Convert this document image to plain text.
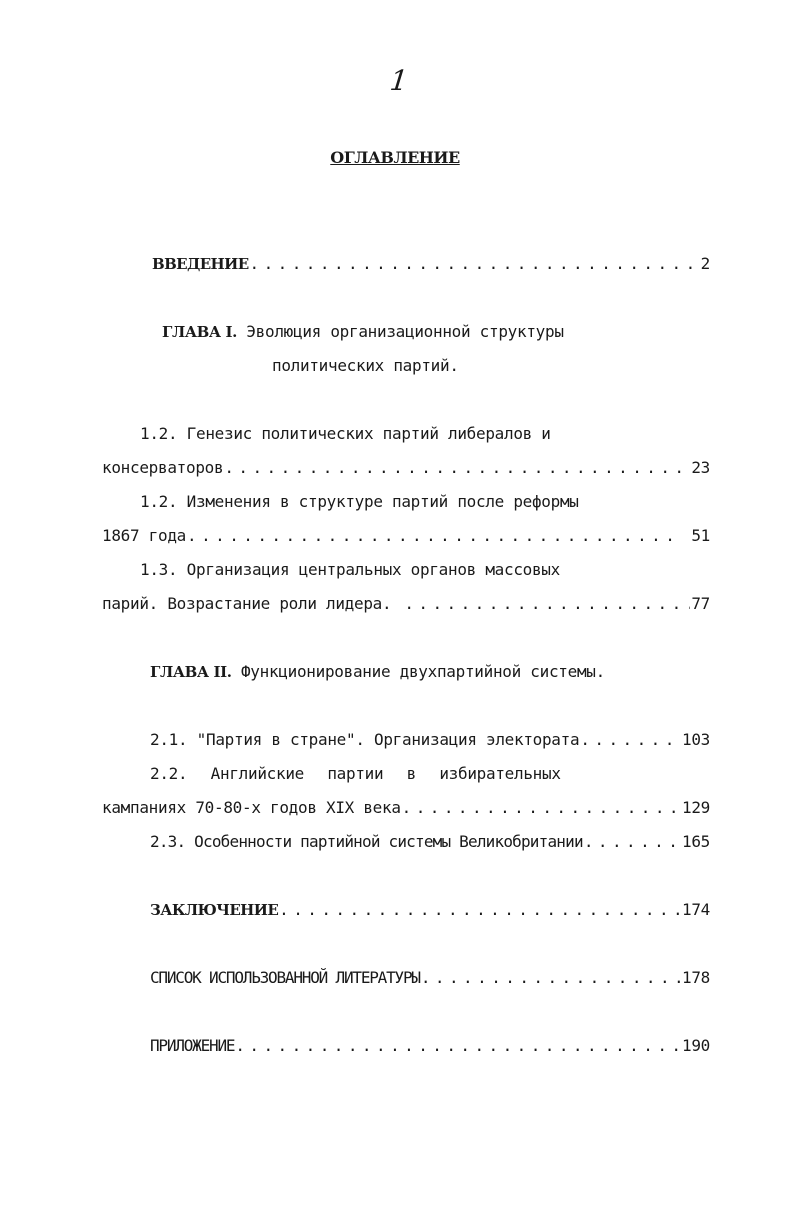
1
ОГЛАВЛЕНИЕ
ВВЕДЕНИЕ . . .	2
ГЛАВА I. Эволюция организационной структуры
политических партий.
1.2. Генезис политических партий либералов и
консерваторов . . .	23
1.2. Изменения в структуре партий после реформы
1867 года . . .	51
1.3. Организация центральных органов массовых
парий. Возрастание роли лидера. . . .	77
ГЛАВА II. Функционирование двухпартийной системы.
2.1. "Партия в стране". Организация электората . . .	103
2.2. Английские партии в избирательных
кампаниях 70-80-х годов XIX века . . .	129
2.3. Особенности партийной системы Великобритании . . .	165
ЗАКЛЮЧЕНИЕ . . .	174
СПИСОК ИСПОЛЬЗОВАННОЙ ЛИТЕРАТУРЫ . . .	178
ПРИЛОЖЕНИЕ . . .	190
